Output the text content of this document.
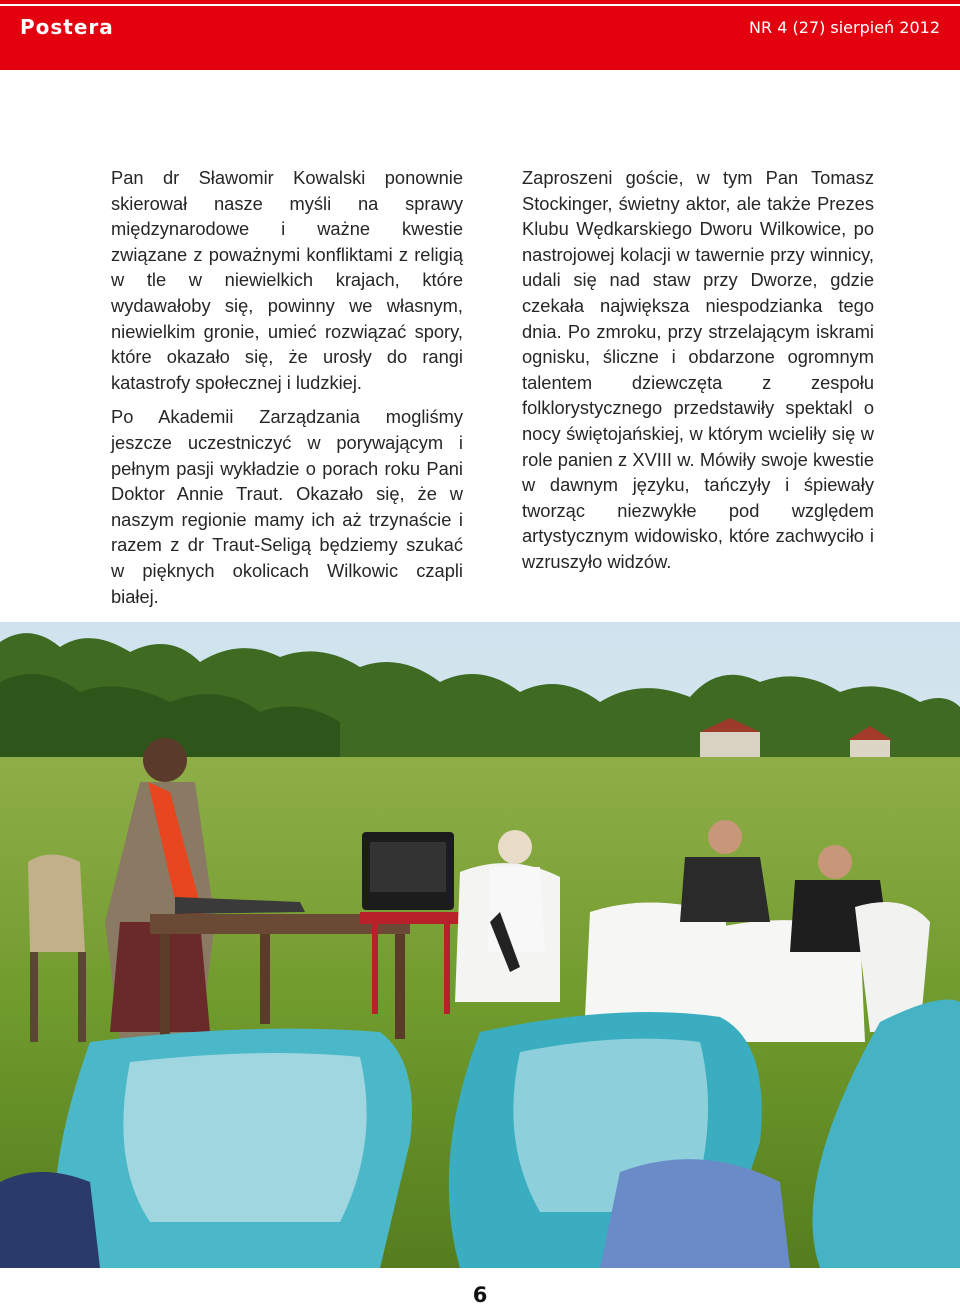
Postera	NR 4 (27) sierpień 2012

Pan dr Sławomir Kowalski ponownie skierował nasze myśli na sprawy międzynarodowe i ważne kwestie związane z poważnymi konfliktami z religią w tle w niewielkich krajach, które wydawałoby się, powinny we własnym, niewielkim gronie, umieć rozwiązać spory, które okazało się, że urosły do rangi katastrofy społecznej i ludzkiej.

Po Akademii Zarządzania mogliśmy jeszcze uczestniczyć w porywającym i pełnym pasji wykładzie o porach roku Pani Doktor Annie Traut. Okazało się, że w naszym regionie mamy ich aż trzynaście i razem z dr Traut-Seligą będziemy szukać w pięknych okolicach Wilkowic czapli białej.

Zaproszeni goście, w tym Pan Tomasz Stockinger, świetny aktor, ale także Prezes Klubu Wędkarskiego Dworu Wilkowice, po nastrojowej kolacji w tawernie przy winnicy, udali się nad staw przy Dworze, gdzie czekała największa niespodzianka tego dnia. Po zmroku, przy strzelającym iskrami ognisku, śliczne i obdarzone ogromnym talentem dziewczęta z zespołu folklorystycznego przedstawiły spektakl o nocy świętojańskiej, w którym wcieliły się w role panien z XVIII w. Mówiły swoje kwestie w dawnym języku, tańczyły i śpiewały tworząc niezwykłe pod względem artystycznym widowisko, które zachwyciło i wzruszyło widzów.

6
